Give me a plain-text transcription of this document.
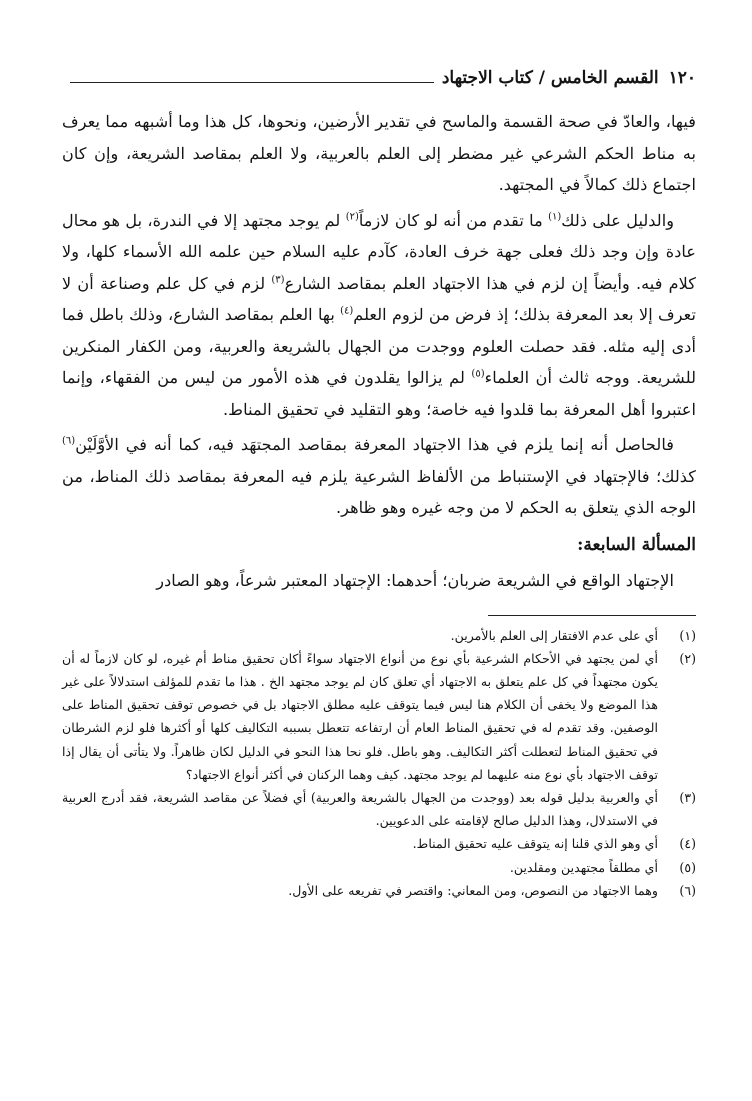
١٢٠
القسم الخامس / كتاب الاجتهاد

فيها، والعادّ في صحة القسمة والماسح في تقدير الأرضين، ونحوها، كل هذا وما أشبهه مما يعرف به مناط الحكم الشرعي غير مضطر إلى العلم بالعربية، ولا العلم بمقاصد الشريعة، وإن كان اجتماع ذلك كمالاً في المجتهد.

والدليل على ذلك$^{(١)}$ ما تقدم من أنه لو كان لازماً$^{(٢)}$ لم يوجد مجتهد إلا في الندرة، بل هو محال عادة وإن وجد ذلك فعلى جهة خرف العادة، كآدم عليه السلام حين علمه الله الأسماء كلها، ولا كلام فيه. وأيضاً إن لزم في هذا الاجتهاد العلم بمقاصد الشارع$^{(٣)}$ لزم في كل علم وصناعة أن لا تعرف إلا بعد المعرفة بذلك؛ إذ فرض من لزوم العلم$^{(٤)}$ بها العلم بمقاصد الشارع، وذلك باطل فما أدى إليه مثله. فقد حصلت العلوم ووجدت من الجهال بالشريعة والعربية، ومن الكفار المنكرين للشريعة. ووجه ثالث أن العلماء$^{(٥)}$ لم يزالوا يقلدون في هذه الأمور من ليس من الفقهاء، وإنما اعتبروا أهل المعرفة بما قلدوا فيه خاصة؛ وهو التقليد في تحقيق المناط.

فالحاصل أنه إنما يلزم في هذا الاجتهاد المعرفة بمقاصد المجتهَد فيه، كما أنه في الأوَّلَيْن$^{(٦)}$ كذلك؛ فالإجتهاد في الإستنباط من الألفاظ الشرعية يلزم فيه المعرفة بمقاصد ذلك المناط، من الوجه الذي يتعلق به الحكم لا من وجه غيره وهو ظاهر.

المسألة السابعة:

الإجتهاد الواقع في الشريعة ضربان؛ أحدهما: الإجتهاد المعتبر شرعاً، وهو الصادر

(١)
أي على عدم الافتقار إلى العلم بالأمرين.
(٢)
أي لمن يجتهد في الأحكام الشرعية بأي نوع من أنواع الاجتهاد سواءً أكان تحقيق مناط أم غيره، لو كان لازماً له أن يكون مجتهداً في كل علم يتعلق به الاجتهاد أي تعلق كان لم يوجد مجتهد الخ . هذا ما تقدم للمؤلف استدلالاً على غير هذا الموضع ولا يخفى أن الكلام هنا ليس فيما يتوقف عليه مطلق الاجتهاد بل في خصوص توقف تحقيق المناط على الوصفين. وقد تقدم له في تحقيق المناط العام أن ارتفاعه تتعطل بسببه التكاليف كلها أو أكثرها فلو لزم الشرطان في تحقيق المناط لتعطلت أكثر التكاليف. وهو باطل. فلو نحا هذا النحو في الدليل لكان ظاهراً. ولا يتأتى أن يقال إذا توقف الاجتهاد بأي نوع منه عليهما لم يوجد مجتهد. كيف وهما الركنان في أكثر أنواع الاجتهاد؟
(٣)
أي والعربية بدليل قوله بعد (ووجدت من الجهال بالشريعة والعربية) أي فضلاً عن مقاصد الشريعة، فقد أدرج العربية في الاستدلال، وهذا الدليل صالح لإقامته على الدعويين.
(٤)
أي وهو الذي قلنا إنه يتوقف عليه تحقيق المناط.
(٥)
أي مطلقاً مجتهدين ومقلدين.
(٦)
وهما الاجتهاد من النصوص، ومن المعاني: واقتصر في تفريعه على الأول.
